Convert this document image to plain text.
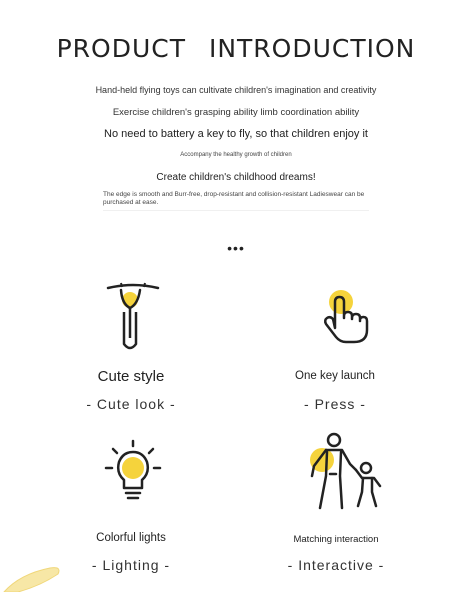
PRODUCT INTRODUCTION
Hand-held flying toys can cultivate children's imagination and creativity
Exercise children's grasping ability limb coordination ability
No need to battery a key to fly, so that children enjoy it
Accompany the healthy growth of children
Create children's childhood dreams!
The edge is smooth and Burr-free, drop-resistant and collision-resistant Ladieswear can be purchased at ease.
•••
Cute style
- Cute look -
One key launch
- Press -
Colorful lights
- Lighting -
Matching interaction
- Interactive -
